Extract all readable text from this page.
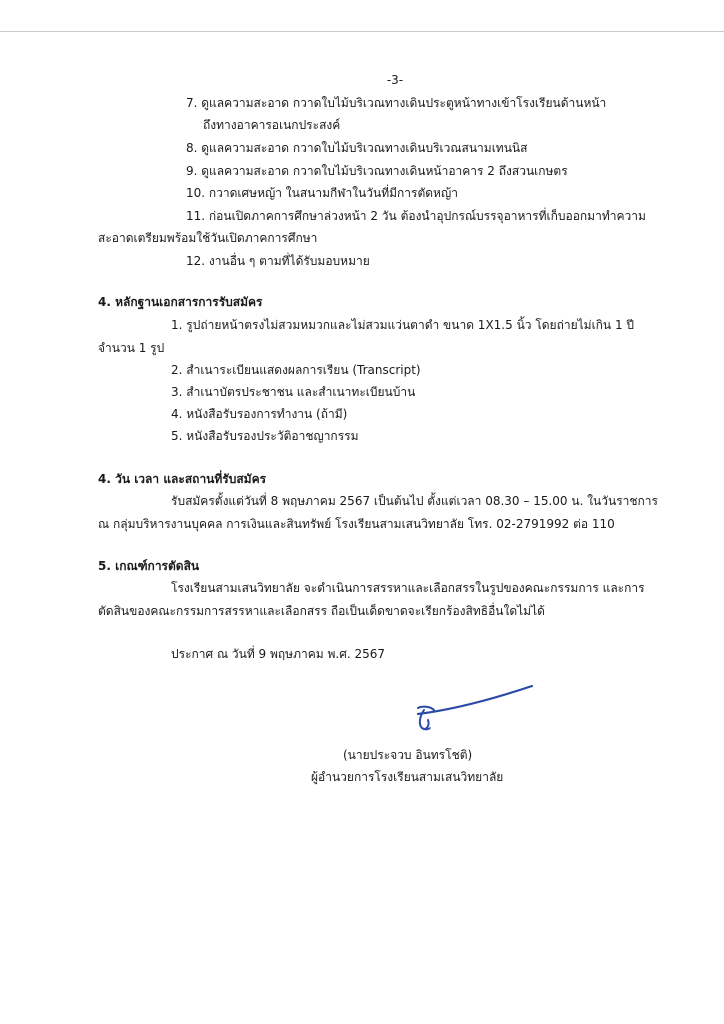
-3-
7. ดูแลความสะอาด กวาดใบไม้บริเวณทางเดินประตูหน้าทางเข้าโรงเรียนด้านหน้า
ถึงทางอาคารอเนกประสงค์
8. ดูแลความสะอาด กวาดใบไม้บริเวณทางเดินบริเวณสนามเทนนิส
9. ดูแลความสะอาด กวาดใบไม้บริเวณทางเดินหน้าอาคาร 2 ถึงสวนเกษตร
10. กวาดเศษหญ้า ในสนามกีฬาในวันที่มีการตัดหญ้า
11. ก่อนเปิดภาคการศึกษาล่วงหน้า 2 วัน ต้องนำอุปกรณ์บรรจุอาหารที่เก็บออกมาทำความ
สะอาดเตรียมพร้อมใช้วันเปิดภาคการศึกษา
12. งานอื่น ๆ ตามที่ได้รับมอบหมาย
4. หลักฐานเอกสารการรับสมัคร
1. รูปถ่ายหน้าตรงไม่สวมหมวกและไม่สวมแว่นตาดำ ขนาด 1X1.5 นิ้ว โดยถ่ายไม่เกิน 1 ปี
จำนวน 1 รูป
2. สำเนาระเบียนแสดงผลการเรียน (Transcript)
3. สำเนาบัตรประชาชน และสำเนาทะเบียนบ้าน
4. หนังสือรับรองการทำงาน (ถ้ามี)
5. หนังสือรับรองประวัติอาชญากรรม
4. วัน เวลา และสถานที่รับสมัคร
รับสมัครตั้งแต่วันที่ 8 พฤษภาคม 2567 เป็นต้นไป ตั้งแต่เวลา 08.30 – 15.00 น. ในวันราชการ
ณ กลุ่มบริหารงานบุคคล การเงินและสินทรัพย์ โรงเรียนสามเสนวิทยาลัย โทร. 02-2791992 ต่อ 110
5. เกณฑ์การตัดสิน
โรงเรียนสามเสนวิทยาลัย จะดำเนินการสรรหาและเลือกสรรในรูปของคณะกรรมการ และการ
ตัดสินของคณะกรรมการสรรหาและเลือกสรร ถือเป็นเด็ดขาดจะเรียกร้องสิทธิอื่นใดไม่ได้
ประกาศ ณ วันที่ 9 พฤษภาคม พ.ศ. 2567
(นายประจวบ อินทรโชติ)
ผู้อำนวยการโรงเรียนสามเสนวิทยาลัย
